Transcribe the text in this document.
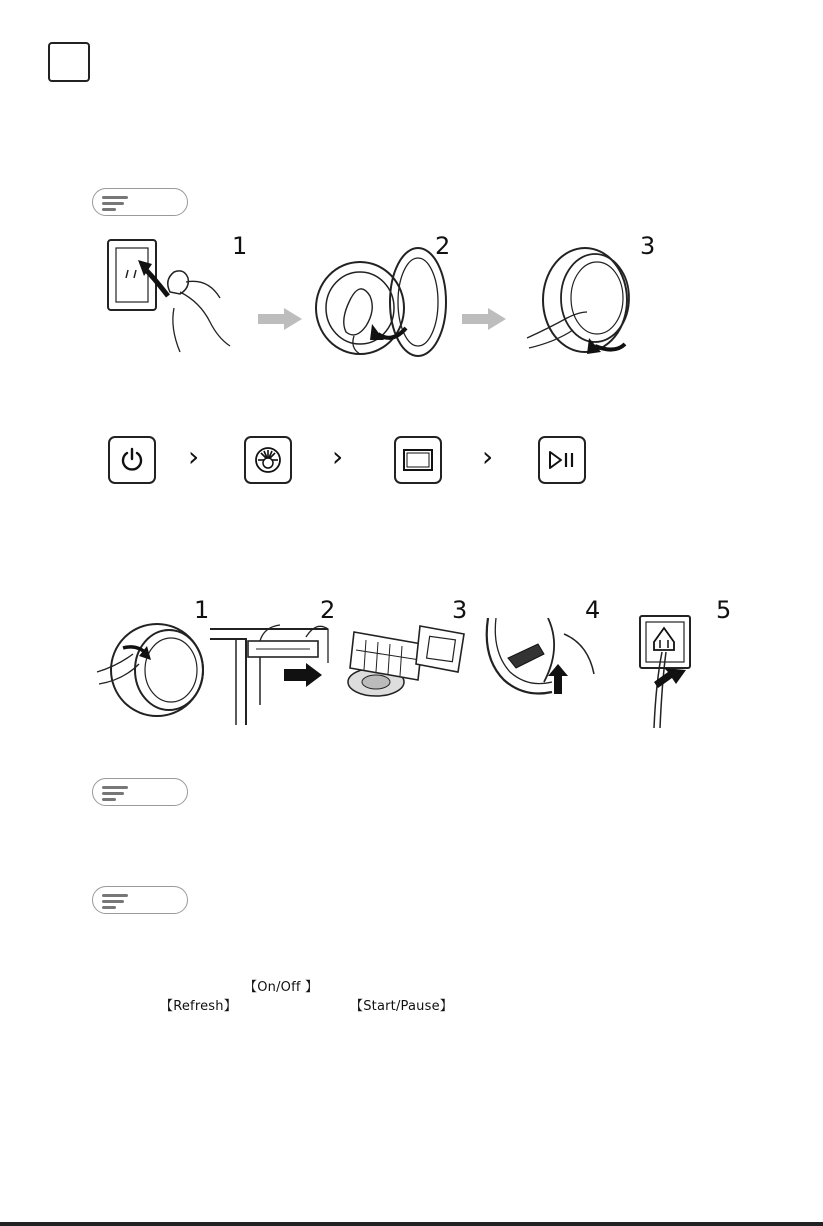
1	2	3
›	›	›
1	2	3	4	5
【On/Off 】
【Refresh】	【Start/Pause】
